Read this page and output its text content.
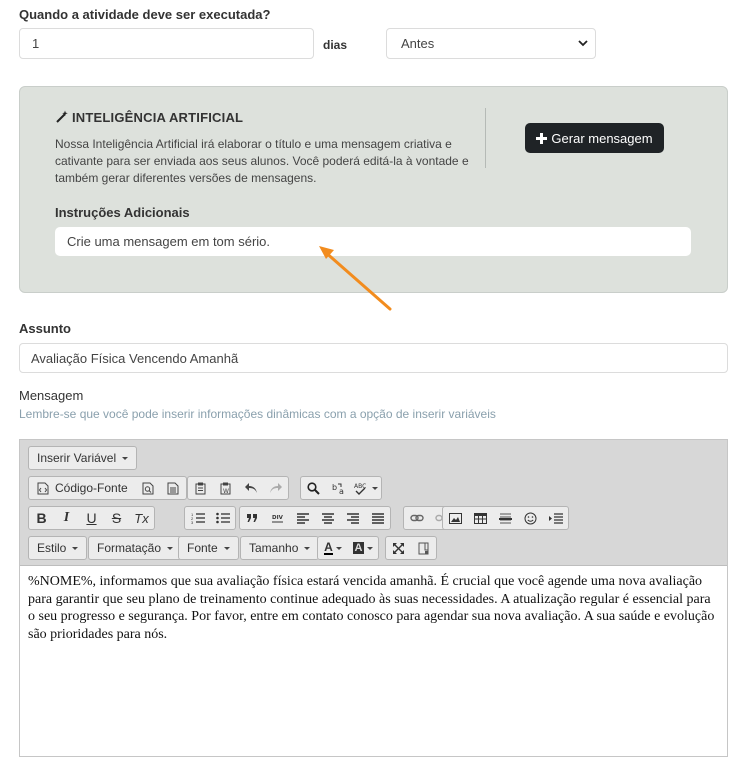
Quando a atividade deve ser executada?
1	dias	Antes
INTELIGÊNCIA ARTIFICIAL
Nossa Inteligência Artificial irá elaborar o título e uma mensagem criativa e cativante para ser enviada aos seus alunos. Você poderá editá-la à vontade e também gerar diferentes versões de mensagens.
Gerar mensagem
Instruções Adicionais
Crie uma mensagem em tom sério.
Assunto
Avaliação Física Vencendo Amanhã
Mensagem
Lembre-se que você pode inserir informações dinâmicas com a opção de inserir variáveis
Inserir Variável
Código-Fonte	W	b a
ABC
B	I	U	S	Tx	1
2
3
DIV
Estilo	Formatação Fonte	Tamanho A A
%NOME%, informamos que sua avaliação física estará vencida amanhã. É crucial que você agende uma nova avaliação para garantir que seu plano de treinamento continue adequado às suas necessidades. A atualização regular é essencial para o seu progresso e segurança. Por favor, entre em contato conosco para agendar sua nova avaliação. A sua saúde e evolução são prioridades para nós.
